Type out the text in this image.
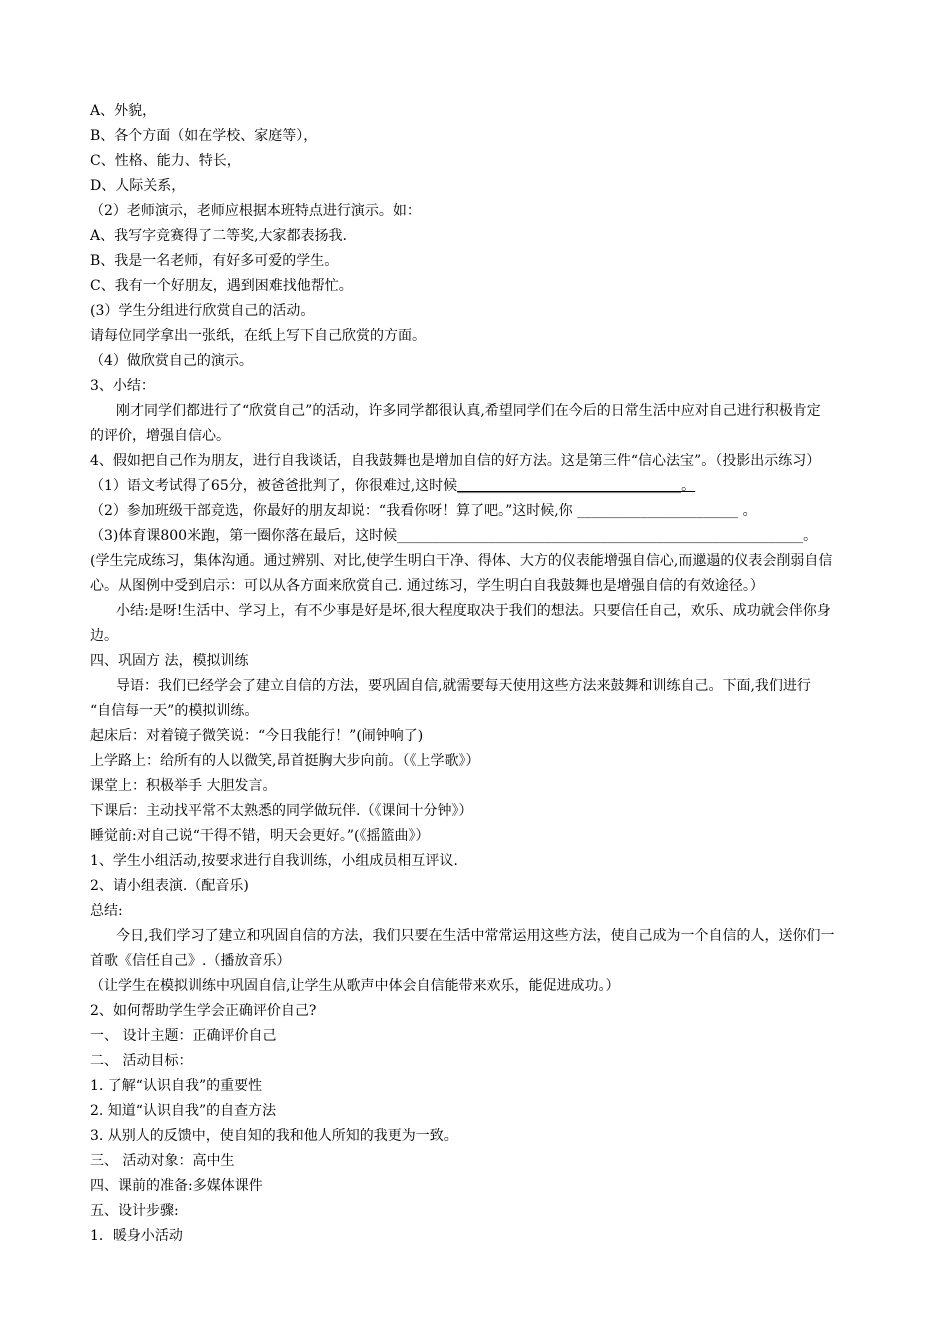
A、外貌，
B、各个方面（如在学校、家庭等），
C、性格、能力、特长，
D、人际关系，
（2）老师演示，老师应根据本班特点进行演示。如：
A、我写字竞赛得了二等奖,大家都表扬我.
B、我是一名老师，有好多可爱的学生。
C、我有一个好朋友，遇到困难找他帮忙。
(3）学生分组进行欣赏自己的活动。
请每位同学拿出一张纸，在纸上写下自己欣赏的方面。
（4）做欣赏自己的演示。
3、小结：
刚才同学们都进行了“欣赏自己”的活动，许多同学都很认真,希望同学们在今后的日常生活中应对自己进行积极肯定
的评价，增强自信心。
4、假如把自己作为朋友，进行自我谈话，自我鼓舞也是增加自信的好方法。这是第三件“信心法宝”。（投影出示练习）
（1）语文考试得了65分，被爸爸批判了，你很难过,这时候________________________________。
（2）参加班级干部竞选，你最好的朋友却说：“我看你呀！算了吧。”这时候,你 _______________________ 。
（3)体育课800米跑，第一圈你落在最后，这时候__________________________________________________________。
(学生完成练习，集体沟通。通过辨别、对比,使学生明白干净、得体、大方的仪表能增强自信心,而邋遢的仪表会削弱自信
心。从图例中受到启示：可以从各方面来欣赏自己. 通过练习，学生明白自我鼓舞也是增强自信的有效途径。）
小结:是呀!生活中、学习上，有不少事是好是坏,很大程度取决于我们的想法。只要信任自己，欢乐、成功就会伴你身
边。
四、巩固方 法，模拟训练
导语：我们已经学会了建立自信的方法，要巩固自信,就需要每天使用这些方法来鼓舞和训练自己。下面,我们进行
“自信每一天”的模拟训练。
起床后：对着镜子微笑说：“今日我能行！”(闹钟响了)
上学路上：给所有的人以微笑,昂首挺胸大步向前。（《上学歌》）
课堂上：积极举手 大胆发言。
下课后：主动找平常不太熟悉的同学做玩伴.（《课间十分钟》）
睡觉前:对自己说“干得不错，明天会更好。”(《摇篮曲》）
1、学生小组活动,按要求进行自我训练，小组成员相互评议.
2、请小组表演.（配音乐)
总结:
今日,我们学习了建立和巩固自信的方法，我们只要在生活中常常运用这些方法，使自己成为一个自信的人，送你们一
首歌《信任自己》.（播放音乐）
（让学生在模拟训练中巩固自信,让学生从歌声中体会自信能带来欢乐，能促进成功。）
2、如何帮助学生学会正确评价自己?
一、 设计主题：正确评价自己
二、 活动目标：
1. 了解“认识自我”的重要性
2. 知道“认识自我”的自查方法
3. 从别人的反馈中，使自知的我和他人所知的我更为一致。
三、 活动对象：高中生
四、课前的准备:多媒体课件
五、设计步骤:
1．暖身小活动
